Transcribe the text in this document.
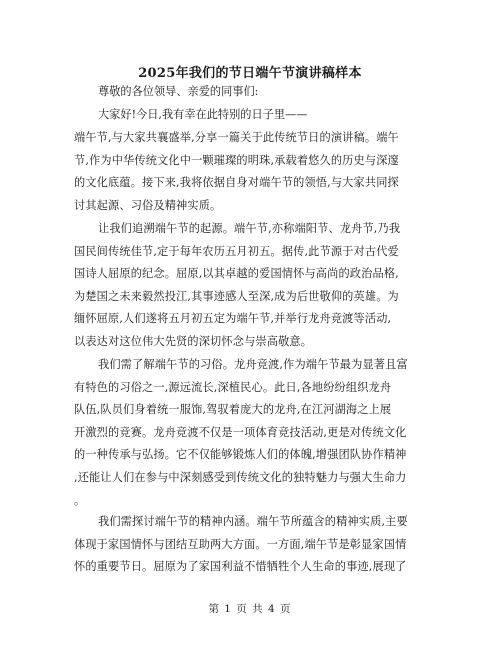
2025年我们的节日端午节演讲稿样本
尊敬的各位领导、亲爱的同事们:
大家好!今日,我有幸在此特别的日子里——
端午节,与大家共襄盛举,分享一篇关于此传统节日的演讲稿。端午
节,作为中华传统文化中一颗璀璨的明珠,承载着悠久的历史与深邃
的文化底蕴。接下来,我将依据自身对端午节的领悟,与大家共同探
讨其起源、习俗及精神实质。
让我们追溯端午节的起源。端午节,亦称端阳节、龙舟节,乃我
国民间传统佳节,定于每年农历五月初五。据传,此节源于对古代爱
国诗人屈原的纪念。屈原,以其卓越的爱国情怀与高尚的政治品格,
为楚国之未来毅然投江,其事迹感人至深,成为后世敬仰的英雄。为
缅怀屈原,人们遂将五月初五定为端午节,并举行龙舟竞渡等活动,
以表达对这位伟大先贤的深切怀念与崇高敬意。
我们需了解端午节的习俗。龙舟竞渡,作为端午节最为显著且富
有特色的习俗之一,源远流长,深植民心。此日,各地纷纷组织龙舟
队伍,队员们身着统一服饰,驾驭着庞大的龙舟,在江河湖海之上展
开激烈的竞赛。龙舟竞渡不仅是一项体育竞技活动,更是对传统文化
的一种传承与弘扬。它不仅能够锻炼人们的体魄,增强团队协作精神
,还能让人们在参与中深刻感受到传统文化的独特魅力与强大生命力
。
我们需探讨端午节的精神内涵。端午节所蕴含的精神实质,主要
体现于家国情怀与团结互助两大方面。一方面,端午节是彰显家国情
怀的重要节日。屈原为了家国利益不惜牺牲个人生命的事迹,展现了
第 1 页 共 4 页
